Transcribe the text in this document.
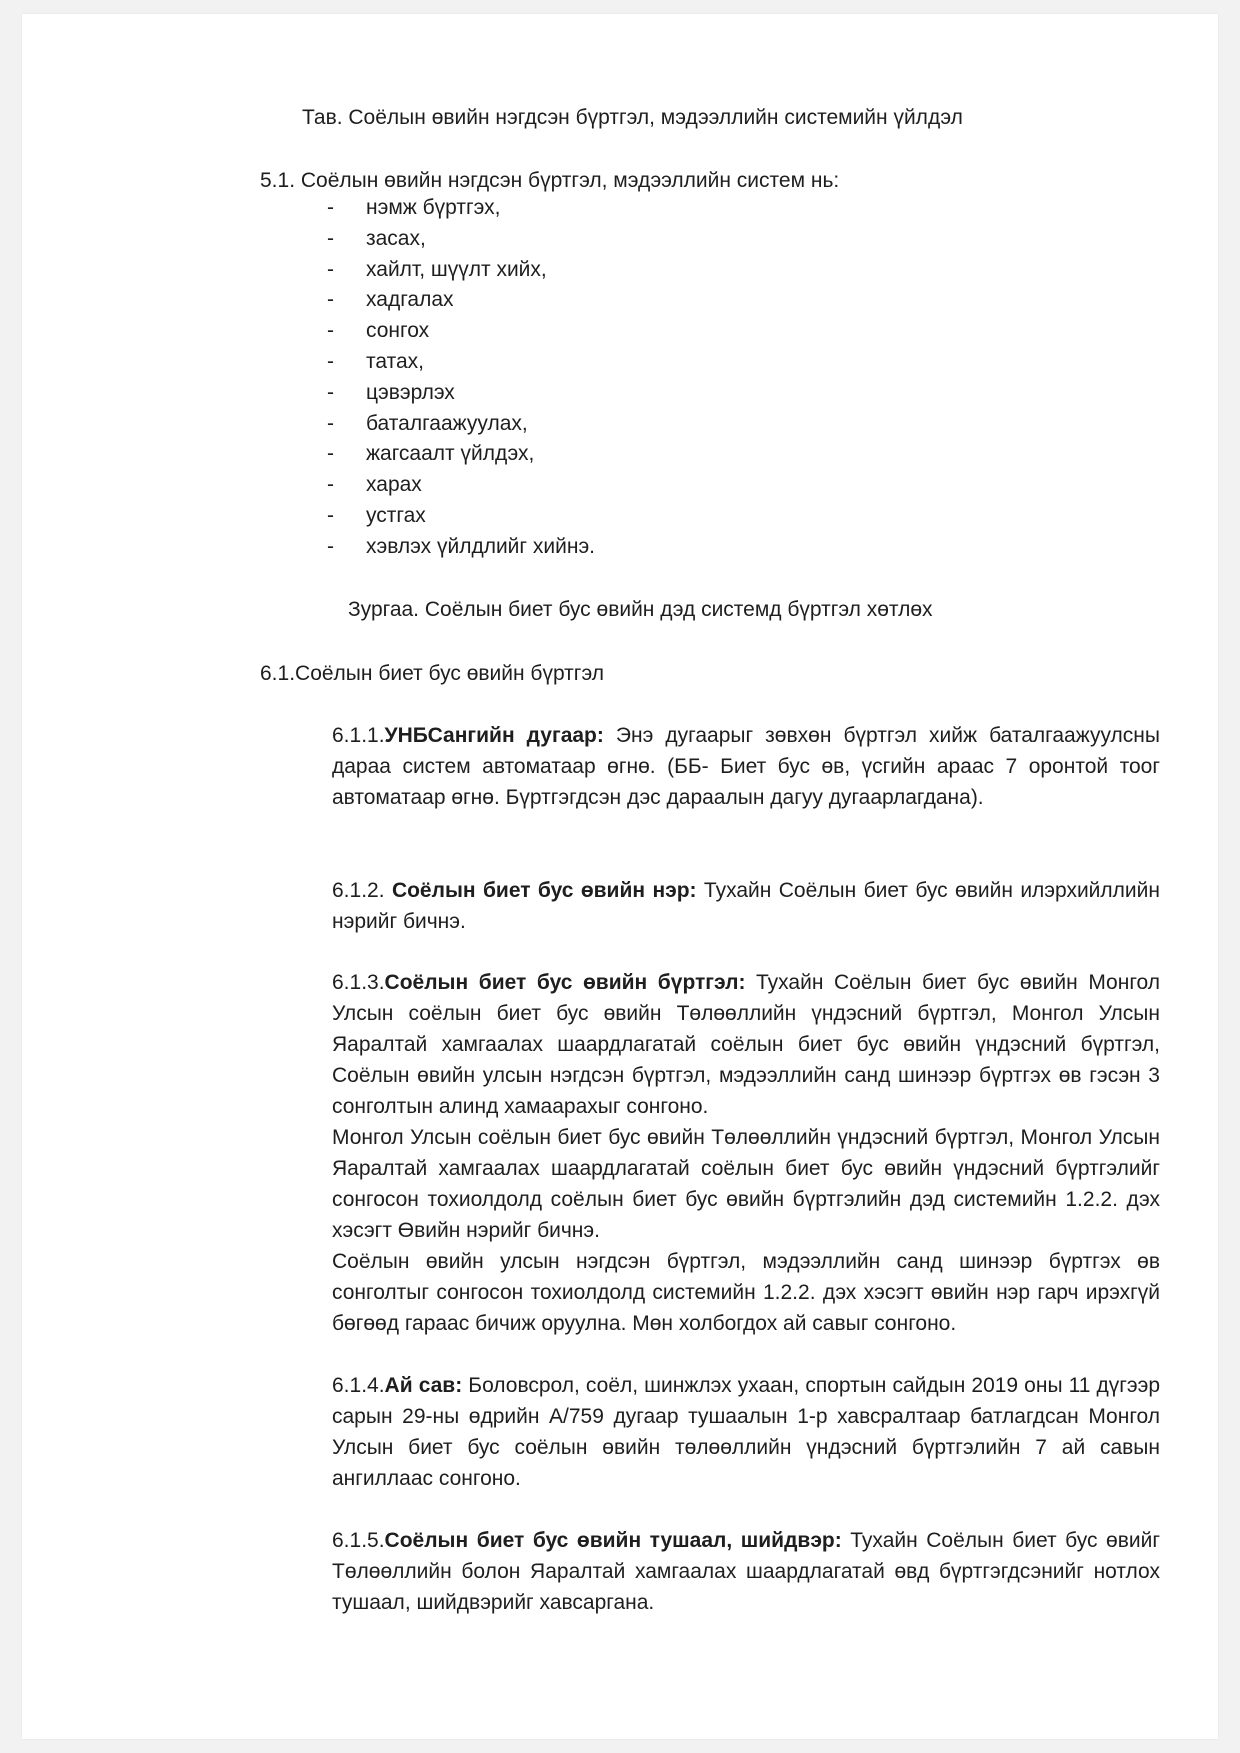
Тав. Соёлын өвийн нэгдсэн бүртгэл, мэдээллийн системийн үйлдэл
5.1. Соёлын өвийн нэгдсэн бүртгэл, мэдээллийн систем нь:
- нэмж бүртгэх,
- засах,
- хайлт, шүүлт хийх,
- хадгалах
- сонгох
- татах,
- цэвэрлэх
- баталгаажуулах,
- жагсаалт үйлдэх,
- харах
- устгах
- хэвлэх үйлдлийг хийнэ.
Зургаа. Соёлын биет бус өвийн дэд системд бүртгэл хөтлөх
6.1.Соёлын биет бус өвийн бүртгэл

6.1.1.УНБСангийн дугаар: Энэ дугаарыг зөвхөн бүртгэл хийж баталгаажуулсны дараа систем автоматаар өгнө. (ББ- Биет бус өв, үсгийн араас 7 оронтой тоог автоматаар өгнө. Бүртгэгдсэн дэс дараалын дагуу дугаарлагдана).

6.1.2. Соёлын биет бус өвийн нэр: Тухайн Соёлын биет бус өвийн илэрхийллийн нэрийг бичнэ.

6.1.3.Соёлын биет бус өвийн бүртгэл: Тухайн Соёлын биет бус өвийн Монгол Улсын соёлын биет бус өвийн Төлөөллийн үндэсний бүртгэл, Монгол Улсын Яаралтай хамгаалах шаардлагатай соёлын биет бус өвийн үндэсний бүртгэл, Соёлын өвийн улсын нэгдсэн бүртгэл, мэдээллийн санд шинээр бүртгэх өв гэсэн 3 сонголтын алинд хамаарахыг сонгоно.
Монгол Улсын соёлын биет бус өвийн Төлөөллийн үндэсний бүртгэл, Монгол Улсын Яаралтай хамгаалах шаардлагатай соёлын биет бус өвийн үндэсний бүртгэлийг сонгосон тохиолдолд соёлын биет бус өвийн бүртгэлийн дэд системийн 1.2.2. дэх хэсэгт Өвийн нэрийг бичнэ.
Соёлын өвийн улсын нэгдсэн бүртгэл, мэдээллийн санд шинээр бүртгэх өв сонголтыг сонгосон тохиолдолд системийн 1.2.2. дэх хэсэгт өвийн нэр гарч ирэхгүй бөгөөд гараас бичиж оруулна. Мөн холбогдох ай савыг сонгоно.

6.1.4.Ай сав: Боловсрол, соёл, шинжлэх ухаан, спортын сайдын 2019 оны 11 дүгээр сарын 29-ны өдрийн А/759 дугаар тушаалын 1-р хавсралтаар батлагдсан Монгол Улсын биет бус соёлын өвийн төлөөллийн үндэсний бүртгэлийн 7 ай савын ангиллаас сонгоно.

6.1.5.Соёлын биет бус өвийн тушаал, шийдвэр: Тухайн Соёлын биет бус өвийг Төлөөллийн болон Яаралтай хамгаалах шаардлагатай өвд бүртгэгдсэнийг нотлох тушаал, шийдвэрийг хавсаргана.
